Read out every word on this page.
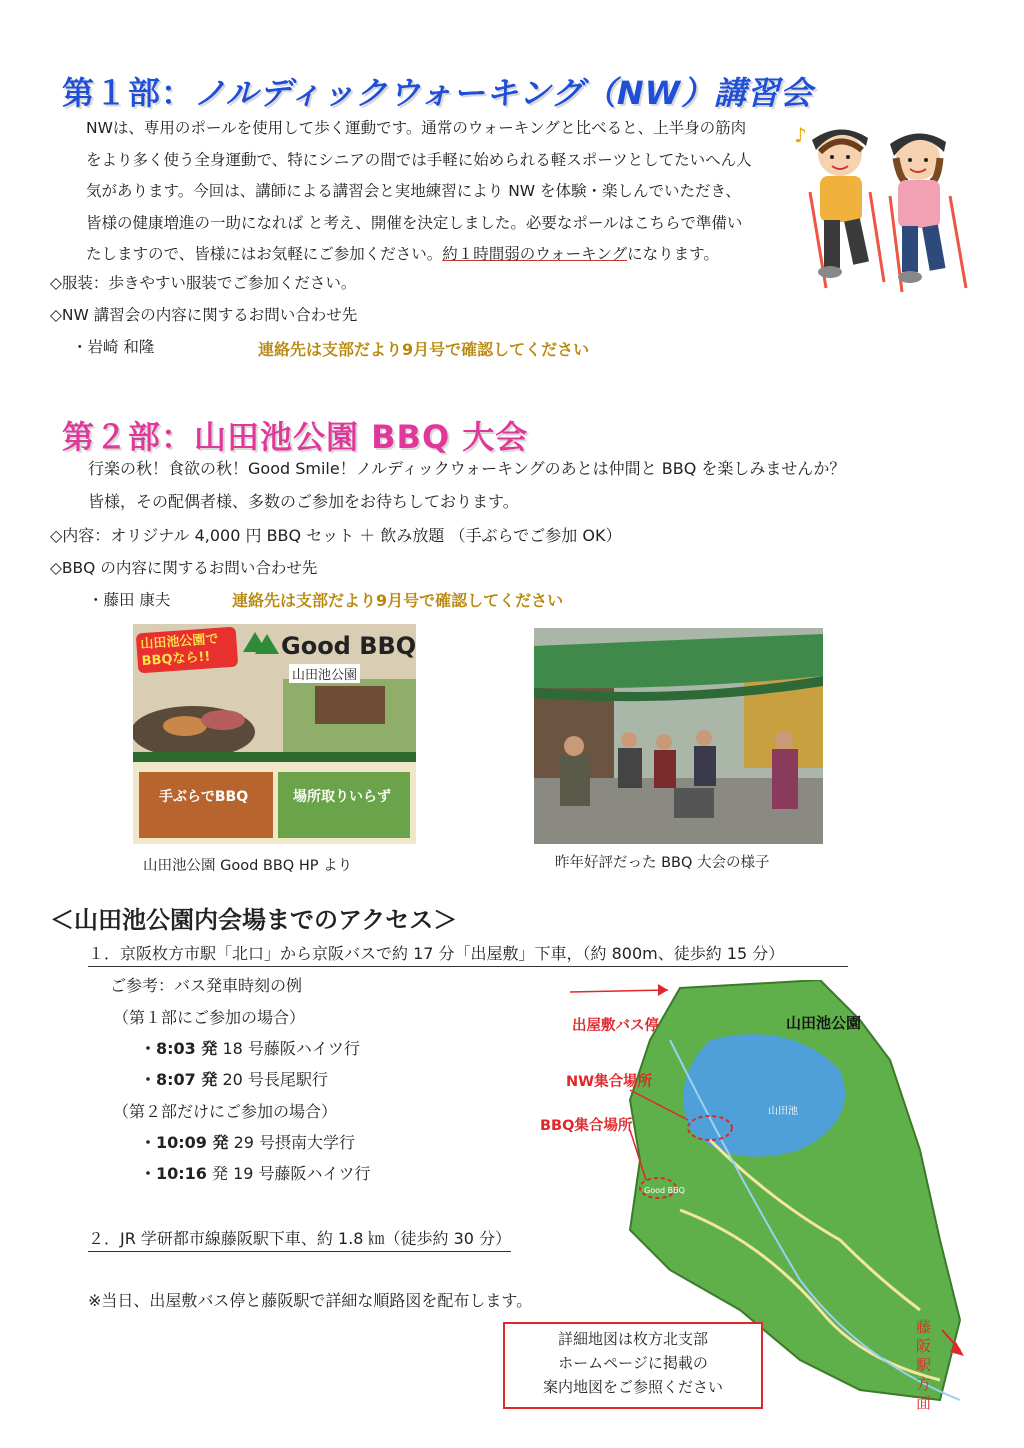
第１部：ノルディックウォーキング（NW）講習会
NWは、専用のポールを使用して歩く運動です。通常のウォーキングと比べると、上半身の筋肉
をより多く使う全身運動で、特にシニアの間では手軽に始められる軽スポーツとしてたいへん人
気があります。今回は、講師による講習会と実地練習により NW を体験・楽しんでいただき、
皆様の健康増進の一助になれば と考え、開催を決定しました。必要なポールはこちらで準備い
たしますので、皆様にはお気軽にご参加ください。約１時間弱のウォーキングになります。
◇服装：歩きやすい服装でご参加ください。
◇NW 講習会の内容に関するお問い合わせ先
・岩崎 和隆	連絡先は支部だより9月号で確認してください
♪
第２部：山田池公園 BBQ 大会
行楽の秋！食欲の秋！Good Smile！ノルディックウォーキングのあとは仲間と BBQ を楽しみませんか？
皆様，その配偶者様、多数のご参加をお待ちしております。
◇内容：オリジナル 4,000 円 BBQ セット ＋ 飲み放題 （手ぶらでご参加 OK）
◇BBQ の内容に関するお問い合わせ先
・藤田 康夫	連絡先は支部だより9月号で確認してください
山田池公園でBBQなら!!	Good BBQ
山田池公園
手ぶらでBBQ	場所取りいらず
山田池公園 Good BBQ HP より	昨年好評だった BBQ 大会の様子
＜山田池公園内会場までのアクセス＞
１．京阪枚方市駅「北口」から京阪バスで約 17 分「出屋敷」下車，（約 800m、徒歩約 15 分）
ご参考：バス発車時刻の例
（第１部にご参加の場合）
・8:03 発 18 号藤阪ハイツ行
・8:07 発 20 号長尾駅行
（第２部だけにご参加の場合）
・10:09 発 29 号摂南大学行
・10:16 発 19 号藤阪ハイツ行
２．JR 学研都市線藤阪駅下車、約 1.8 ㎞（徒歩約 30 分）
※当日、出屋敷バス停と藤阪駅で詳細な順路図を配布します。
山田池公園
出屋敷バス停
NW集合場所
BBQ集合場所
山田池
Good BBQ
藤阪駅方面
詳細地図は枚方北支部
ホームページに掲載の
案内地図をご参照ください
